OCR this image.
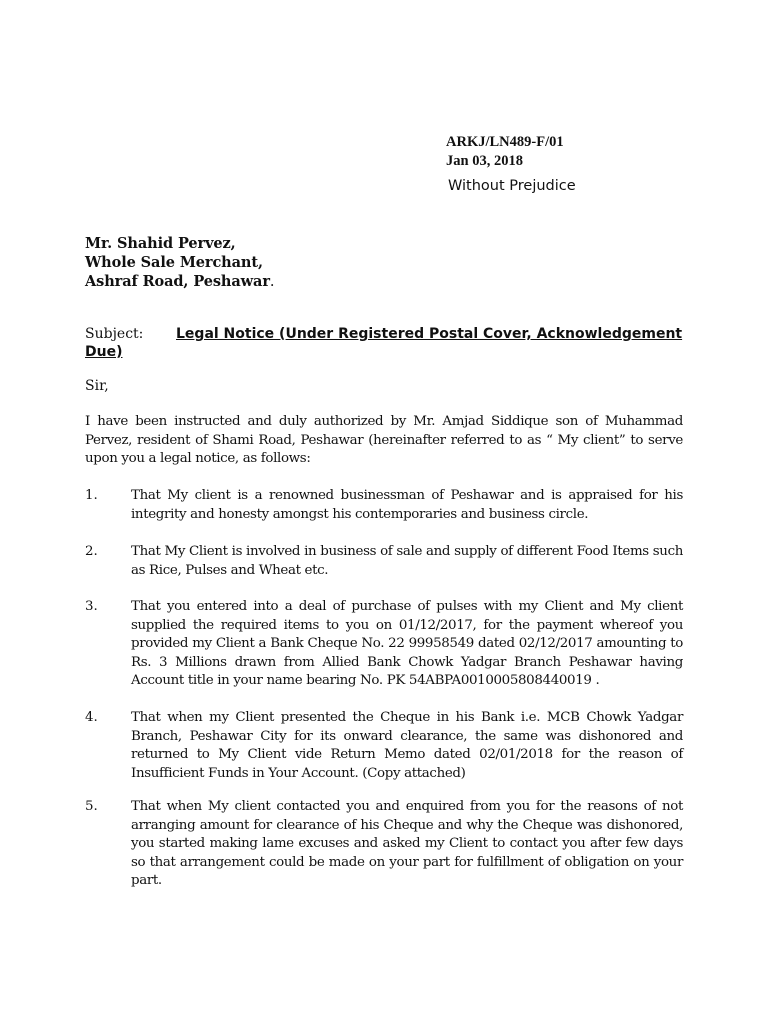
ARKJ/LN489-F/01
Jan 03, 2018
Without Prejudice
Mr. Shahid Pervez,
Whole Sale Merchant,
Ashraf Road, Peshawar.
Subject: Legal Notice (Under Registered Postal Cover, Acknowledgement
Due)
Sir,
I have been instructed and duly authorized by Mr. Amjad Siddique son of Muhammad Pervez, resident of Shami Road, Peshawar (hereinafter referred to as “ My client” to serve upon you a legal notice, as follows:
1. That My client is a renowned businessman of Peshawar and is appraised for his integrity and honesty amongst his contemporaries and business circle.
2. That My Client is involved in business of sale and supply of different Food Items such as Rice, Pulses and Wheat etc.
3. That you entered into a deal of purchase of pulses with my Client and My client supplied the required items to you on 01/12/2017, for the payment whereof you provided my Client a Bank Cheque No. 22 99958549 dated 02/12/2017 amounting to Rs. 3 Millions drawn from Allied Bank Chowk Yadgar Branch Peshawar having Account title in your name bearing No. PK 54ABPA0010005808440019 .
4. That when my Client presented the Cheque in his Bank i.e. MCB Chowk Yadgar Branch, Peshawar City for its onward clearance, the same was dishonored and returned to My Client vide Return Memo dated 02/01/2018 for the reason of Insufficient Funds in Your Account. (Copy attached)
5. That when My client contacted you and enquired from you for the reasons of not arranging amount for clearance of his Cheque and why the Cheque was dishonored, you started making lame excuses and asked my Client to contact you after few days so that arrangement could be made on your part for fulfillment of obligation on your part.
